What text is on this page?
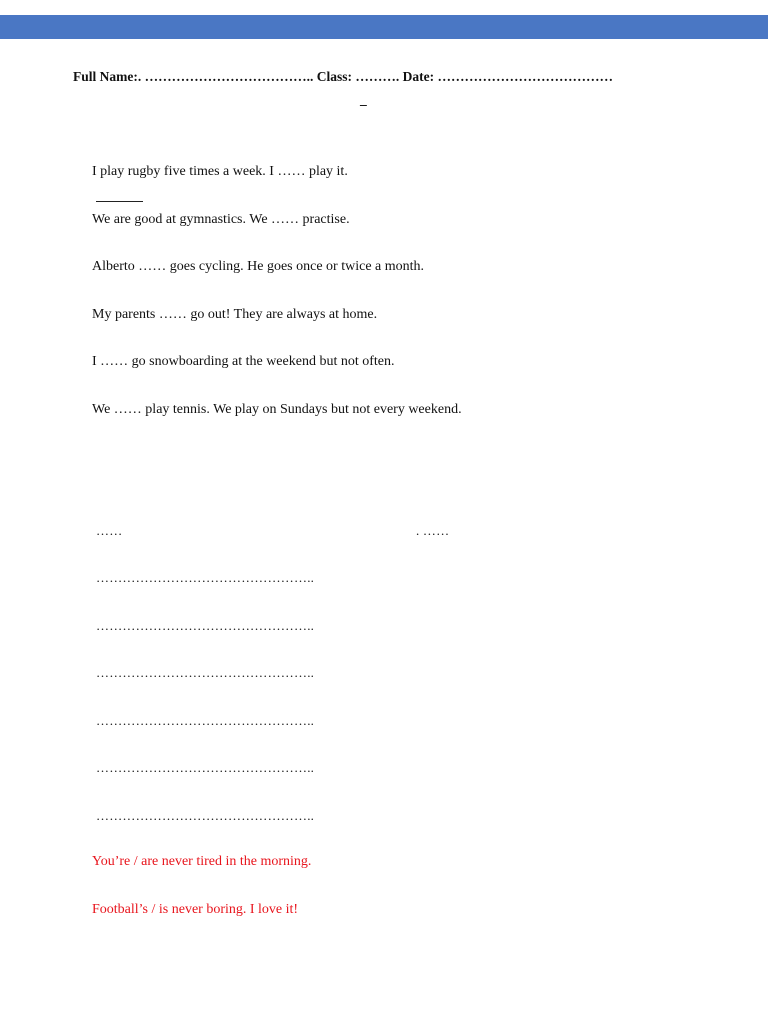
Full Name:. ……………………………….. Class: ………. Date: …………………………………
_
I play rugby five times a week. I …… play it.
We are good at gymnastics. We …… practise.
Alberto …… goes cycling. He goes once or twice a month.
My parents …… go out! They are always at home.
I …… go snowboarding at the weekend but not often.
We …… play tennis. We play on Sundays but not every weekend.
……	. ……
…………………………………………..
…………………………………………..
…………………………………………..
…………………………………………..
…………………………………………..
…………………………………………..
You’re / are never tired in the morning.
Football’s / is never boring. I love it!
